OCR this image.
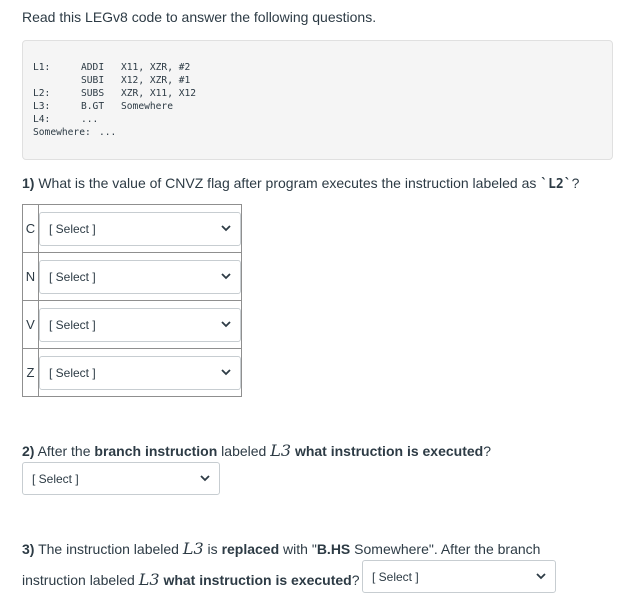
Read this LEGv8 code to answer the following questions.
L1:	ADDI	X11, XZR, #2
SUBI	X12, XZR, #1
L2:	SUBS	XZR, X11, X12
L3:	B.GT	Somewhere
L4:	...
Somewhere: ...
1) What is the value of CNVZ flag after program executes the instruction labeled as `L2`?
C	[ Select ]

N	[ Select ]

V	[ Select ]

Z	[ Select ]
2) After the branch instruction labeled L3 what instruction is executed?
[ Select ]
3) The instruction labeled L3 is replaced with "B.HS Somewhere". After the branch
instruction labeled L3 what instruction is executed? [ Select ]
